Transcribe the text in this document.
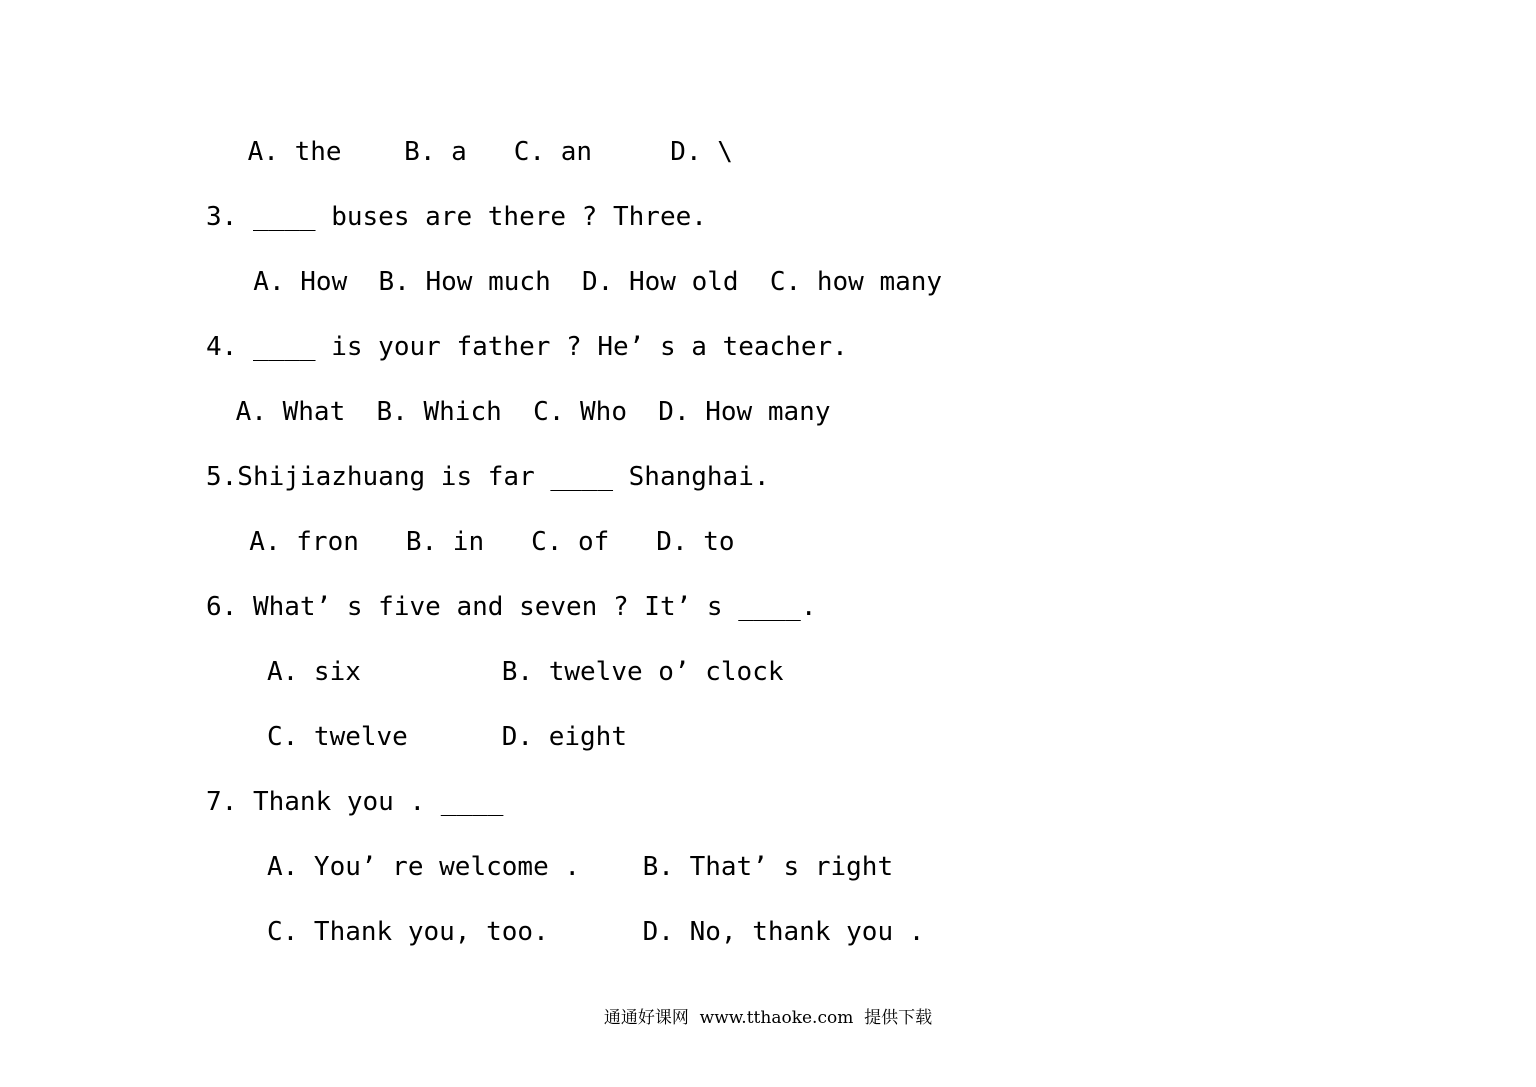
A. the    B. a   C. an     D. \
3. ____ buses are there ? Three.
A. How  B. How much  D. How old  C. how many
4. ____ is your father ? He’ s a teacher.
A. What  B. Which  C. Who  D. How many
5.Shijiazhuang is far ____ Shanghai.
A. fron   B. in   C. of   D. to
6. What’ s five and seven ? It’ s ____.
A. six         B. twelve o’ clock
C. twelve      D. eight
7. Thank you . ____
A. You’ re welcome .    B. That’ s right
C. Thank you, too.      D. No, thank you .
通通好课网  www.tthaoke.com  提供下载
